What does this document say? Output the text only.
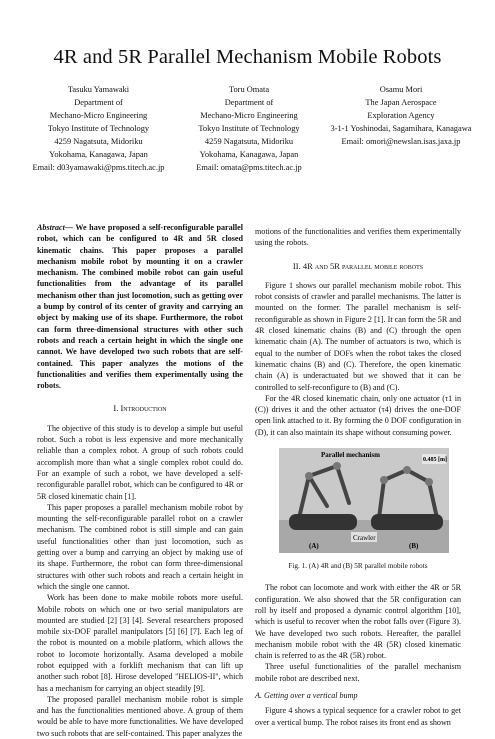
4R and 5R Parallel Mechanism Mobile Robots
Tasuku Yamawaki
Department of
Mechano-Micro Engineering
Tokyo Institute of Technology
4259 Nagatsuta, Midoriku
Yokohama, Kanagawa, Japan
Email: d03yamawaki@pms.titech.ac.jp
Toru Omata
Department of
Mechano-Micro Engineering
Tokyo Institute of Technology
4259 Nagatsuta, Midoriku
Yokohama, Kanagawa, Japan
Email: omata@pms.titech.ac.jp
Osamu Mori
The Japan Aerospace
Exploration Agency
3-1-1 Yoshinodai, Sagamihara, Kanagawa
Email: omori@newslan.isas.jaxa.jp
Abstract— We have proposed a self-reconfigurable parallel robot, which can be configured to 4R and 5R closed kinematic chains. This paper proposes a parallel mechanism mobile robot by mounting it on a crawler mechanism. The combined mobile robot can gain useful functionalities from the advantage of its parallel mechanism other than just locomotion, such as getting over a bump by control of its center of gravity and carrying an object by making use of its shape. Furthermore, the robot can form three-dimensional structures with other such robots and reach a certain height in which the single one cannot. We have developed two such robots that are self-contained. This paper analyzes the motions of the functionalities and verifies them experimentally using the robots.
I. Introduction

The objective of this study is to develop a simple but useful robot. Such a robot is less expensive and more mechanically reliable than a complex robot. A group of such robots could accomplish more than what a single complex robot could do. For an example of such a robot, we have developed a self-reconfigurable parallel robot, which can be configured to 4R or 5R closed kinematic chain [1].

This paper proposes a parallel mechanism mobile robot by mounting the self-reconfigurable parallel robot on a crawler mechanism. The combined robot is still simple and can gain useful functionalities other than just locomotion, such as getting over a bump and carrying an object by making use of its shape. Furthermore, the robot can form three-dimensional structures with other such robots and reach a certain height in which the single one cannot.

Work has been done to make mobile robots more useful. Mobile robots on which one or two serial manipulators are mounted are studied [2] [3] [4]. Several researchers proposed mobile six-DOF parallel manipulators [5] [6] [7]. Each leg of the robot is mounted on a mobile platform, which allows the robot to locomote horizontally. Asama developed a mobile robot equipped with a forklift mechanism that can lift up another such robot [8]. Hirose developed "HELIOS-II", which has a mechanism for carrying an object steadily [9].

The proposed parallel mechanism mobile robot is simple and has the functionalities mentioned above. A group of them would be able to have more functionalities. We have developed two such robots that are self-contained. This paper analyzes the

motions of the functionalities and verifies them experimentally using the robots.

II. 4R and 5R parallel mobile robots

Figure 1 shows our parallel mechanism mobile robot. This robot consists of crawler and parallel mechanisms. The latter is mounted on the former. The parallel mechanism is self-reconfigurable as shown in Figure 2 [1]. It can form the 5R and 4R closed kinematic chains (B) and (C) through the open kinematic chain (A). The number of actuators is two, which is equal to the number of DOFs when the robot takes the closed kinematic chains (B) and (C). Therefore, the open kinematic chain (A) is underactuated but we showed that it can be controlled to self-reconfigure to (B) and (C).

For the 4R closed kinematic chain, only one actuator (τ1 in (C)) drives it and the other actuator (τ4) drives the one-DOF open link attached to it. By forming the 0 DOF configuration in (D), it can also maintain its shape without consuming power.

Parallel mechanism
0.485 [m]
(A)
Crawler
(B)
Fig. 1. (A) 4R and (B) 5R parallel mobile robots

The robot can locomote and work with either the 4R or 5R configuration. We also showed that the 5R configuration can roll by itself and proposed a dynamic control algorithm [10], which is useful to recover when the robot falls over (Figure 3). We have developed two such robots. Hereafter, the parallel mechanism mobile robot with the 4R (5R) closed kinematic chain is referred to as the 4R (5R) robot.

Three useful functionalities of the parallel mechanism mobile robot are described next.

A. Getting over a vertical bump

Figure 4 shows a typical sequence for a crawler robot to get over a vertical bump. The robot raises its front end as shown
